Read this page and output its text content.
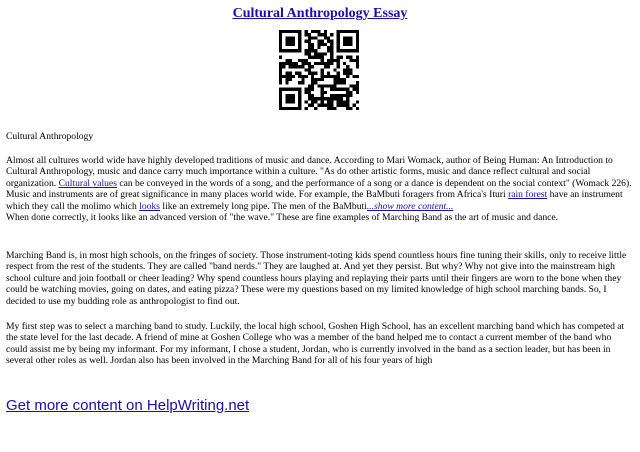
Cultural Anthropology Essay
Cultural Anthropology
Almost all cultures world wide have highly developed traditions of music and dance. According to Mari Womack, author of Being Human: An Introduction to Cultural Anthropology, music and dance carry much importance within a culture. "As do other artistic forms, music and dance reflect cultural and social organization. Cultural values can be conveyed in the words of a song, and the performance of a song or a dance is dependent on the social context" (Womack 226). Music and instruments are of great significance in many places world wide. For example, the BaMbuti foragers from Africa's Ituri rain forest have an instrument which they call the molimo which looks like an extremely long pipe. The men of the BaMbuti...show more content...
When done correctly, it looks like an advanced version of "the wave." These are fine examples of Marching Band as the art of music and dance.
Marching Band is, in most high schools, on the fringes of society. Those instrument-toting kids spend countless hours fine tuning their skills, only to receive little respect from the rest of the students. They are called "band nerds." They are laughed at. And yet they persist. But why? Why not give into the mainstream high school culture and join football or cheer leading? Why spend countless hours playing and replaying their parts until their fingers are worn to the bone when they could be watching movies, going on dates, and eating pizza? These were my questions based on my limited knowledge of high school marching bands. So, I decided to use my budding role as anthropologist to find out.
My first step was to select a marching band to study. Luckily, the local high school, Goshen High School, has an excellent marching band which has competed at the state level for the last decade. A friend of mine at Goshen College who was a member of the band helped me to contact a current member of the band who could assist me by being my informant. For my informant, I chose a student, Jordan, who is currently involved in the band as a section leader, but has been in several other roles as well. Jordan also has been involved in the Marching Band for all of his four years of high
Get more content on HelpWriting.net
